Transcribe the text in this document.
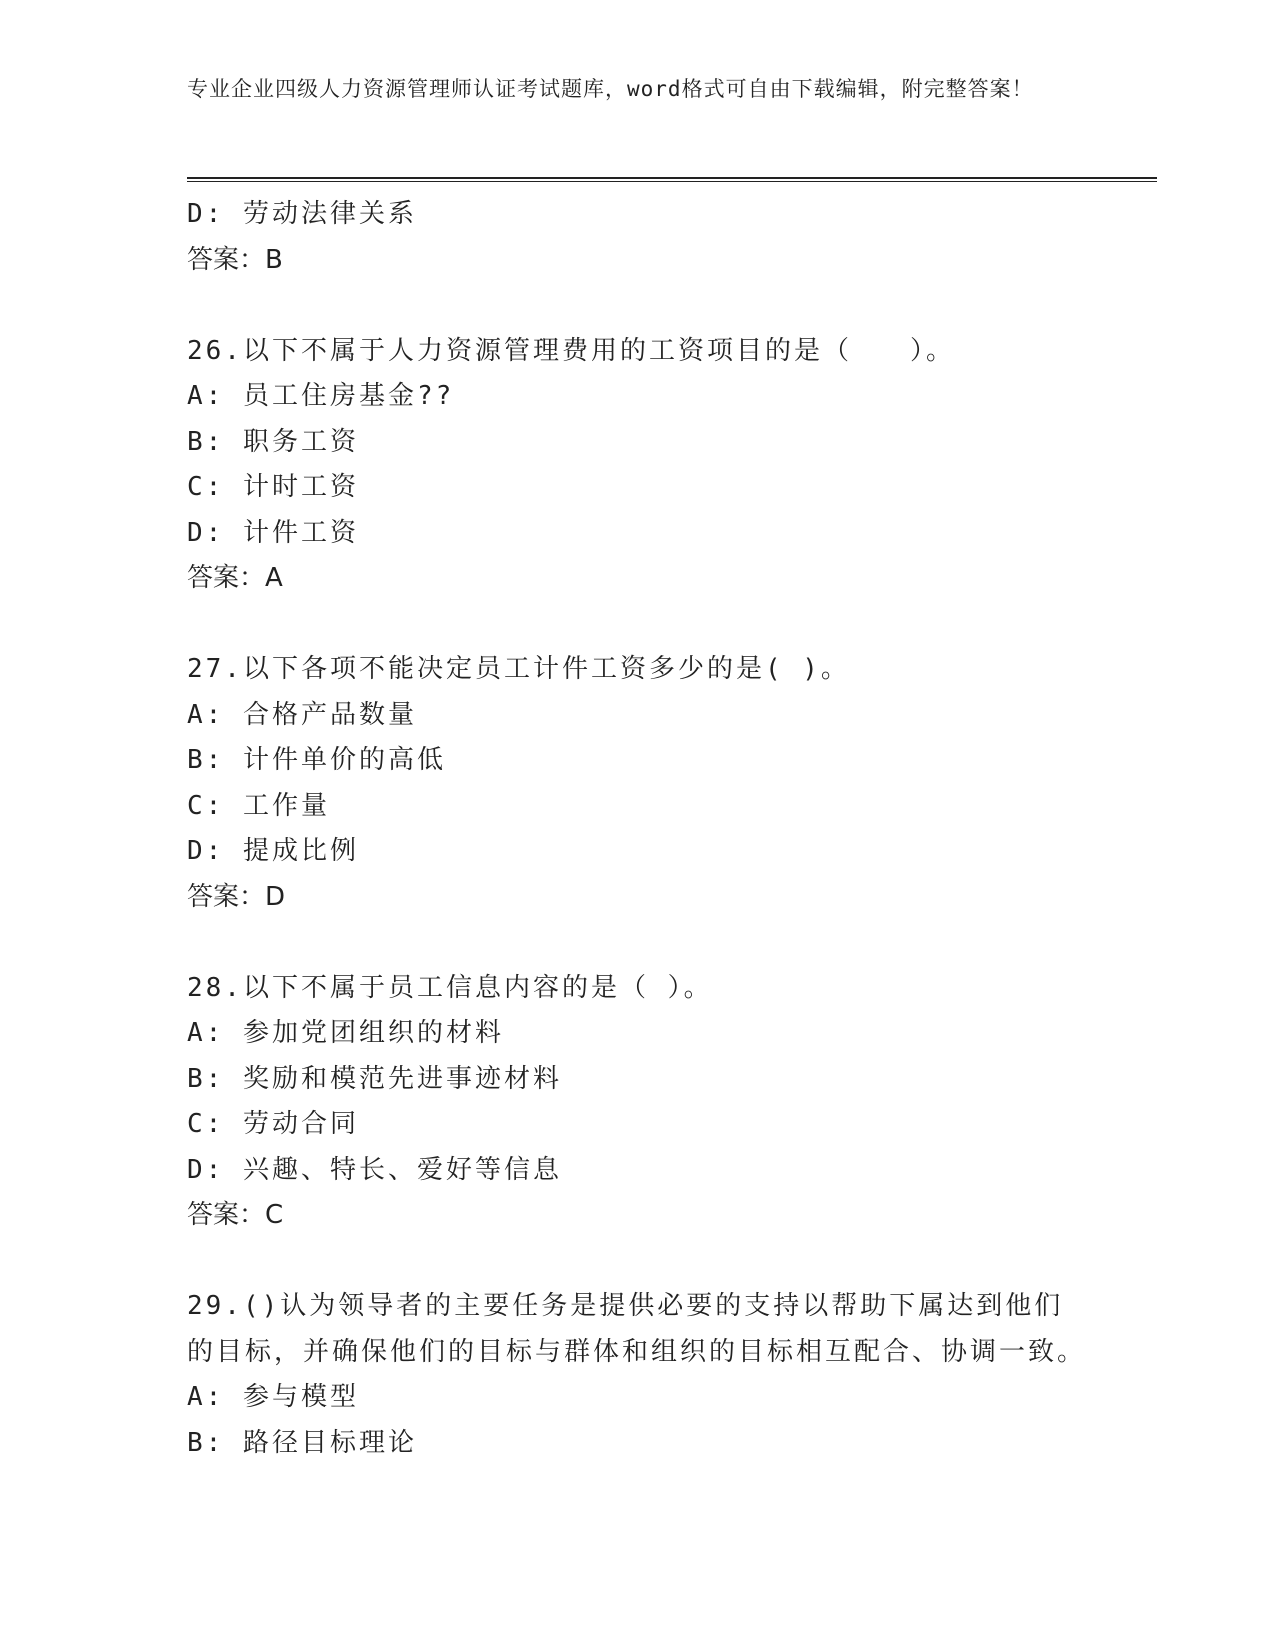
专业企业四级人力资源管理师认证考试题库，word格式可自由下载编辑，附完整答案！
D: 劳动法律关系
答案：B
26.以下不属于人力资源管理费用的工资项目的是（　　）。
A: 员工住房基金??
B: 职务工资
C: 计时工资
D: 计件工资
答案：A
27.以下各项不能决定员工计件工资多少的是( )。
A: 合格产品数量
B: 计件单价的高低
C: 工作量
D: 提成比例
答案：D
28.以下不属于员工信息内容的是（ ）。
A: 参加党团组织的材料
B: 奖励和模范先进事迹材料
C: 劳动合同
D: 兴趣、特长、爱好等信息
答案：C
29.()认为领导者的主要任务是提供必要的支持以帮助下属达到他们的目标，并确保他们的目标与群体和组织的目标相互配合、协调一致。
A: 参与模型
B: 路径目标理论
